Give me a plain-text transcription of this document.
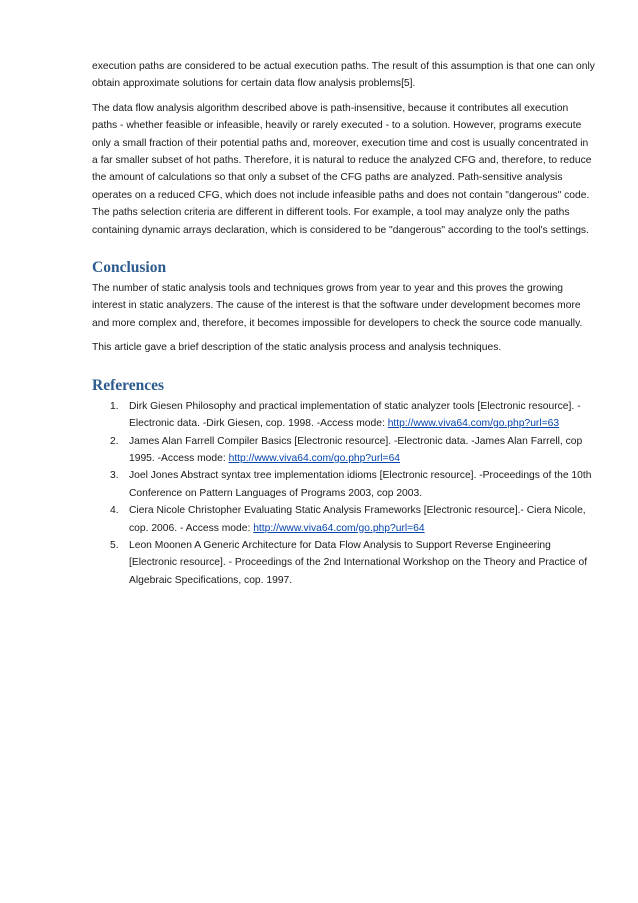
execution paths are considered to be actual execution paths. The result of this assumption is that one can only obtain approximate solutions for certain data flow analysis problems[5].

The data flow analysis algorithm described above is path-insensitive, because it contributes all execution paths - whether feasible or infeasible, heavily or rarely executed - to a solution. However, programs execute only a small fraction of their potential paths and, moreover, execution time and cost is usually concentrated in a far smaller subset of hot paths. Therefore, it is natural to reduce the analyzed CFG and, therefore, to reduce the amount of calculations so that only a subset of the CFG paths are analyzed. Path-sensitive analysis operates on a reduced CFG, which does not include infeasible paths and does not contain "dangerous" code. The paths selection criteria are different in different tools. For example, a tool may analyze only the paths containing dynamic arrays declaration, which is considered to be "dangerous" according to the tool's settings.

Conclusion

The number of static analysis tools and techniques grows from year to year and this proves the growing interest in static analyzers. The cause of the interest is that the software under development becomes more and more complex and, therefore, it becomes impossible for developers to check the source code manually.

This article gave a brief description of the static analysis process and analysis techniques.

References
1. Dirk Giesen Philosophy and practical implementation of static analyzer tools [Electronic resource]. -Electronic data. -Dirk Giesen, cop. 1998. -Access mode: http://www.viva64.com/go.php?url=63
2. James Alan Farrell Compiler Basics [Electronic resource]. -Electronic data. -James Alan Farrell, cop 1995. -Access mode: http://www.viva64.com/go.php?url=64
3. Joel Jones Abstract syntax tree implementation idioms [Electronic resource]. -Proceedings of the 10th Conference on Pattern Languages of Programs 2003, cop 2003.
4. Ciera Nicole Christopher Evaluating Static Analysis Frameworks [Electronic resource].- Ciera Nicole, cop. 2006. - Access mode: http://www.viva64.com/go.php?url=64
5. Leon Moonen A Generic Architecture for Data Flow Analysis to Support Reverse Engineering [Electronic resource]. - Proceedings of the 2nd International Workshop on the Theory and Practice of Algebraic Specifications, cop. 1997.
